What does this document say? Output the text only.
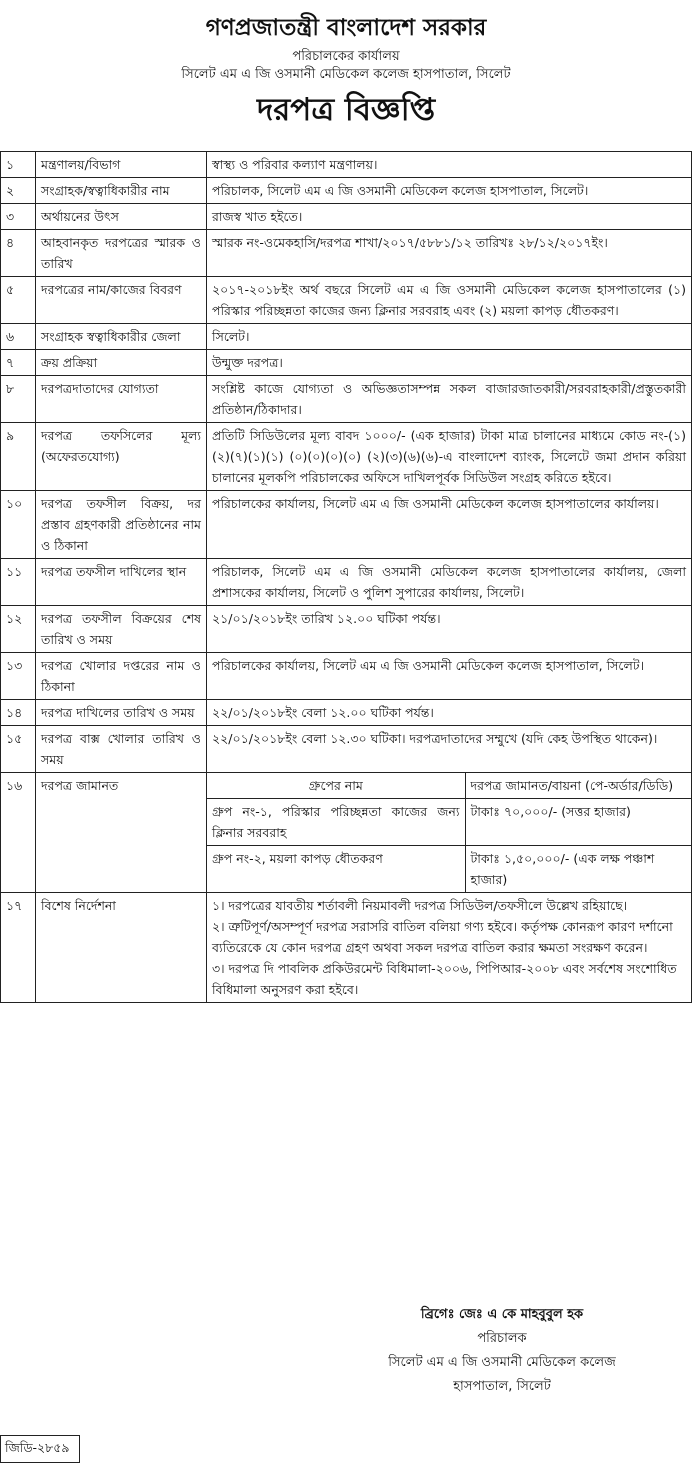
গণপ্রজাতন্ত্রী বাংলাদেশ সরকার
পরিচালকের কার্যালয়
সিলেট এম এ জি ওসমানী মেডিকেল কলেজ হাসপাতাল, সিলেট
দরপত্র বিজ্ঞপ্তি
১	মন্ত্রণালয়/বিভাগ	স্বাস্থ্য ও পরিবার কল্যাণ মন্ত্রণালয়।
২	সংগ্রাহক/স্বত্বাধিকারীর নাম	পরিচালক, সিলেট এম এ জি ওসমানী মেডিকেল কলেজ হাসপাতাল, সিলেট।
৩	অর্থায়নের উৎস	রাজস্ব খাত হইতে।
৪	আহবানকৃত দরপত্রের স্মারক ও তারিখ	স্মারক নং-ওমেকহাসি/দরপত্র শাখা/২০১৭/৫৮৮১/১২ তারিখঃ ২৮/১২/২০১৭ইং।
৫	দরপত্রের নাম/কাজের বিবরণ	২০১৭-২০১৮ইং অর্থ বছরে সিলেট এম এ জি ওসমানী মেডিকেল কলেজ হাসপাতালের (১) পরিস্কার পরিচ্ছন্নতা কাজের জন্য ক্লিনার সরবরাহ এবং (২) ময়লা কাপড় ধৌতকরণ।
৬	সংগ্রাহক স্বত্বাধিকারীর জেলা	সিলেট।
৭	ক্রয় প্রক্রিয়া	উন্মুক্ত দরপত্র।
৮	দরপত্রদাতাদের যোগ্যতা	সংশ্লিষ্ট কাজে যোগ্যতা ও অভিজ্ঞতাসম্পন্ন সকল বাজারজাতকারী/সরবরাহকারী/প্রস্তুতকারী প্রতিষ্ঠান/ঠিকাদার।
৯	দরপত্র তফসিলের মূল্য (অফেরতযোগ্য)	প্রতিটি সিডিউলের মূল্য বাবদ ১০০০/- (এক হাজার) টাকা মাত্র চালানের মাধ্যমে কোড নং-(১)(২)(৭)(১)(১) (০)(০)(০)(০) (২)(৩)(৬)(৬)-এ বাংলাদেশ ব্যাংক, সিলেটে জমা প্রদান করিয়া চালানের মূলকপি পরিচালকের অফিসে দাখিলপূর্বক সিডিউল সংগ্রহ করিতে হইবে।
১০	দরপত্র তফসীল বিক্রয়, দর প্রস্তাব গ্রহণকারী প্রতিষ্ঠানের নাম ও ঠিকানা	পরিচালকের কার্যালয়, সিলেট এম এ জি ওসমানী মেডিকেল কলেজ হাসপাতালের কার্যালয়।
১১	দরপত্র তফসীল দাখিলের স্থান	পরিচালক, সিলেট এম এ জি ওসমানী মেডিকেল কলেজ হাসপাতালের কার্যালয়, জেলা প্রশাসকের কার্যালয়, সিলেট ও পুলিশ সুপারের কার্যালয়, সিলেট।
১২	দরপত্র তফসীল বিক্রয়ের শেষ তারিখ ও সময়	২১/০১/২০১৮ইং তারিখ ১২.০০ ঘটিকা পর্যন্ত।
১৩	দরপত্র খোলার দপ্তরের নাম ও ঠিকানা	পরিচালকের কার্যালয়, সিলেট এম এ জি ওসমানী মেডিকেল কলেজ হাসপাতাল, সিলেট।
১৪	দরপত্র দাখিলের তারিখ ও সময়	২২/০১/২০১৮ইং বেলা ১২.০০ ঘটিকা পর্যন্ত।
১৫	দরপত্র বাক্স খোলার তারিখ ও সময়	২২/০১/২০১৮ইং বেলা ১২.৩০ ঘটিকা। দরপত্রদাতাদের সম্মুখে (যদি কেহ উপস্থিত থাকেন)।
১৬	দরপত্র জামানত		গ্রুপের নাম	দরপত্র জামানত/বায়না (পে-অর্ডার/ডিডি)
গ্রুপ নং-১, পরিস্কার পরিচ্ছন্নতা কাজের জন্য ক্লিনার সরবরাহ	টাকাঃ ৭০,০০০/- (সত্তর হাজার)
গ্রুপ নং-২, ময়লা কাপড় ধৌতকরণ	টাকাঃ ১,৫০,০০০/- (এক লক্ষ পঞ্চাশ হাজার)

১৭	বিশেষ নির্দেশনা	১। দরপত্রের যাবতীয় শর্তাবলী নিয়মাবলী দরপত্র সিডিউল/তফসীলে উল্লেখ রহিয়াছে।
২। ত্রুটিপূর্ণ/অসম্পূর্ণ দরপত্র সরাসরি বাতিল বলিয়া গণ্য হইবে। কর্তৃপক্ষ কোনরূপ কারণ দর্শানো ব্যতিরেকে যে কোন দরপত্র গ্রহণ অথবা সকল দরপত্র বাতিল করার ক্ষমতা সংরক্ষণ করেন।
৩। দরপত্র দি পাবলিক প্রকিউরমেন্ট বিধিমালা-২০০৬, পিপিআর-২০০৮ এবং সর্বশেষ সংশোধিত বিধিমালা অনুসরণ করা হইবে।
ব্রিগেঃ জেঃ এ কে মাহবুবুল হক
পরিচালক
সিলেট এম এ জি ওসমানী মেডিকেল কলেজ
হাসপাতাল, সিলেট
জিডি-২৮৫৯
